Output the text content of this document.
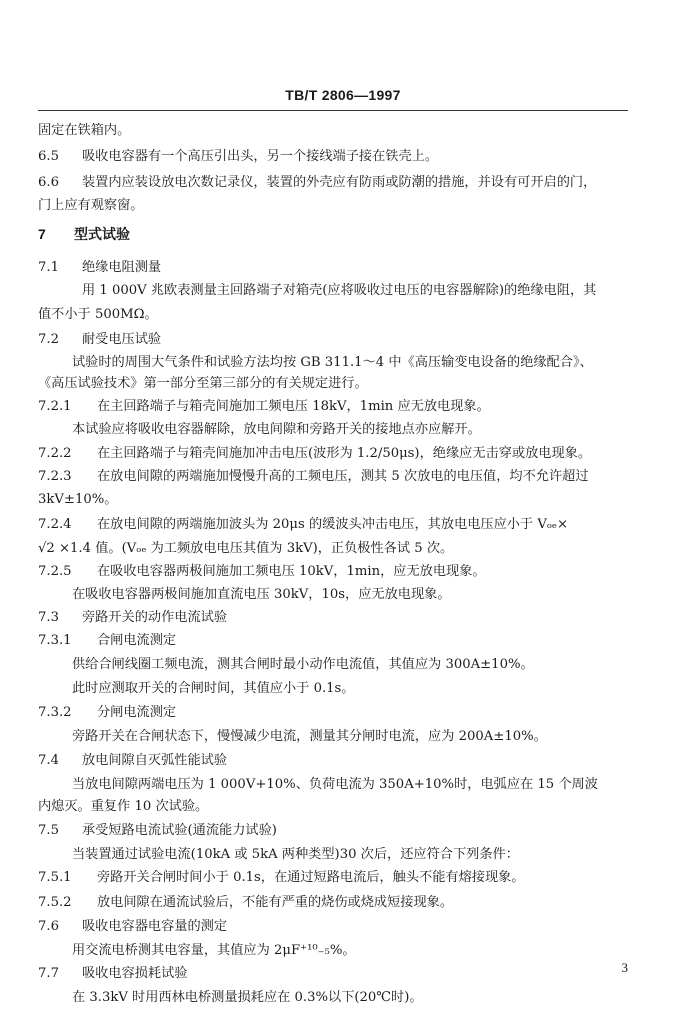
TB/T 2806—1997
固定在铁箱内。
6.5 吸收电容器有一个高压引出头，另一个接线端子接在铁壳上。
6.6 装置内应装设放电次数记录仪，装置的外壳应有防雨或防潮的措施，并设有可开启的门，
门上应有观察窗。
7 型式试验
7.1 绝缘电阻测量
用 1 000V 兆欧表测量主回路端子对箱壳(应将吸收过电压的电容器解除)的绝缘电阻，其
值不小于 500MΩ。
7.2 耐受电压试验
试验时的周围大气条件和试验方法均按 GB 311.1～4 中《高压输变电设备的绝缘配合》、
《高压试验技术》第一部分至第三部分的有关规定进行。
7.2.1 在主回路端子与箱壳间施加工频电压 18kV，1min 应无放电现象。
本试验应将吸收电容器解除，放电间隙和旁路开关的接地点亦应解开。
7.2.2 在主回路端子与箱壳间施加冲击电压(波形为 1.2/50μs)，绝缘应无击穿或放电现象。
7.2.3 在放电间隙的两端施加慢慢升高的工频电压，测其 5 次放电的电压值，均不允许超过
3kV±10%。
7.2.4 在放电间隙的两端施加波头为 20μs 的缓波头冲击电压，其放电电压应小于 Vₒₑ×
√2 ×1.4 值。(Vₒₑ 为工频放电电压其值为 3kV)，正负极性各试 5 次。
7.2.5 在吸收电容器两极间施加工频电压 10kV，1min，应无放电现象。
在吸收电容器两极间施加直流电压 30kV，10s，应无放电现象。
7.3 旁路开关的动作电流试验
7.3.1 合闸电流测定
供给合闸线圈工频电流，测其合闸时最小动作电流值，其值应为 300A±10%。
此时应测取开关的合闸时间，其值应小于 0.1s。
7.3.2 分闸电流测定
旁路开关在合闸状态下，慢慢减少电流，测量其分闸时电流，应为 200A±10%。
7.4 放电间隙自灭弧性能试验
当放电间隙两端电压为 1 000V+10%、负荷电流为 350A+10%时，电弧应在 15 个周波
内熄灭。重复作 10 次试验。
7.5 承受短路电流试验(通流能力试验)
当装置通过试验电流(10kA 或 5kA 两种类型)30 次后，还应符合下列条件：
7.5.1 旁路开关合闸时间小于 0.1s，在通过短路电流后，触头不能有熔接现象。
7.5.2 放电间隙在通流试验后，不能有严重的烧伤或烧成短接现象。
7.6 吸收电容器电容量的测定
用交流电桥测其电容量，其值应为 2μF⁺¹⁰₋₅%。
7.7 吸收电容损耗试验
在 3.3kV 时用西林电桥测量损耗应在 0.3%以下(20℃时)。
3
